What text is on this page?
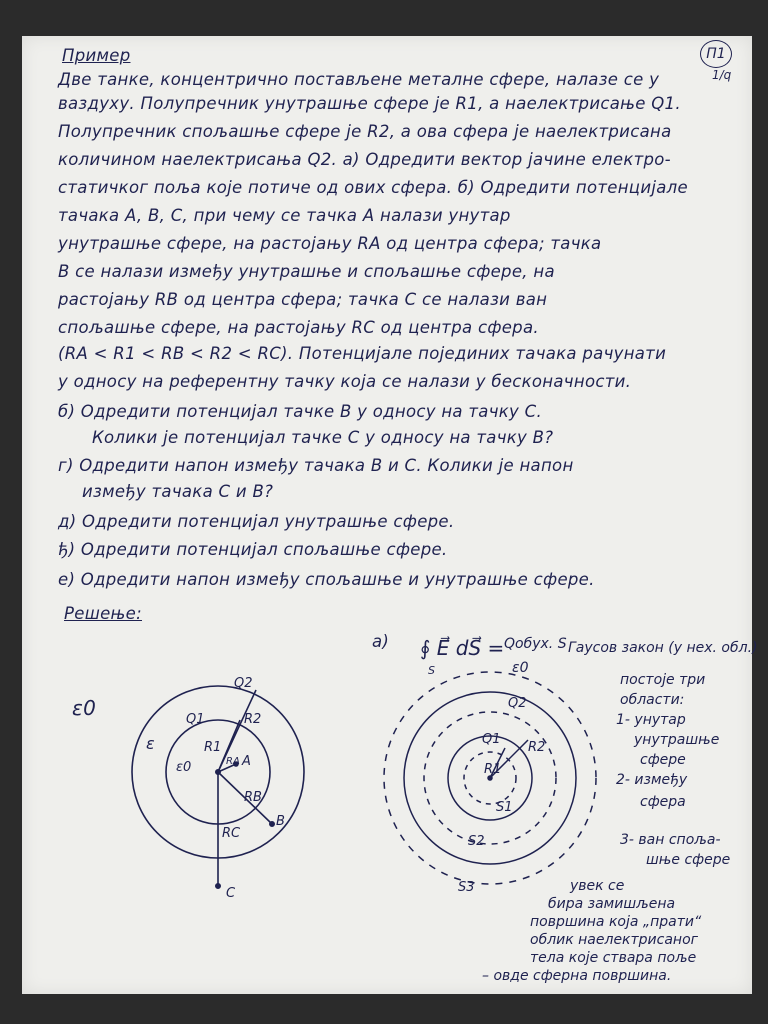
П1
1/q
Пример
Две танке, концентрично постављене металне сфере, налазе се у
ваздуху. Полупречник унутрашње сфере је R1, а наелектрисање Q1.
Полупречник спољашње сфере је R2, а ова сфера је наелектрисана
количином наелектрисања Q2. а) Одредити вектор јачине електро-
статичког поља које потиче од ових сфера. б) Одредити потенцијале
тачака A, B, C, при чему се тачка A налази унутар
унутрашње сфере, на растојању RA од центра сфера; тачка
B се налази између унутрашње и спољашње сфере, на
растојању RB од центра сфера; тачка C се налази ван
спољашње сфере, на растојању RC од центра сфера.
(RA < R1 < RB < R2 < RC). Потенцијале појединих тачака рачунати
у односу на референтну тачку која се налази у бесконачности.
б) Одредити потенцијал тачке B у односу на тачку C.
Колики је потенцијал тачке C у односу на тачку B?
г) Одредити напон између тачака B и C. Колики је напон
између тачака C и B?
д) Одредити потенцијал унутрашње сфере.
ђ) Одредити потенцијал спољашње сфере.
е) Одредити напон између спољашње и унутрашње сфере.
Решење:
а) ∮ E⃗ dS⃗ =
S
Qобух. S
ε0
Гаусов закон (у нех. обл.)
постоје три
области:
1- унутар
унутрашње
сфере
2- између
сфера
3- ван спољa-
шње сфере
увек се
бира замишљена
површина која „прати“
облик наелектрисаног
тела које ствара поље
– овде сферна површина.
ε0
ε
ε0
Q1
Q2
R1
R2
RA A
RB
B
RC
C
Q1
Q2
R1
R2
S1
S2
S3
